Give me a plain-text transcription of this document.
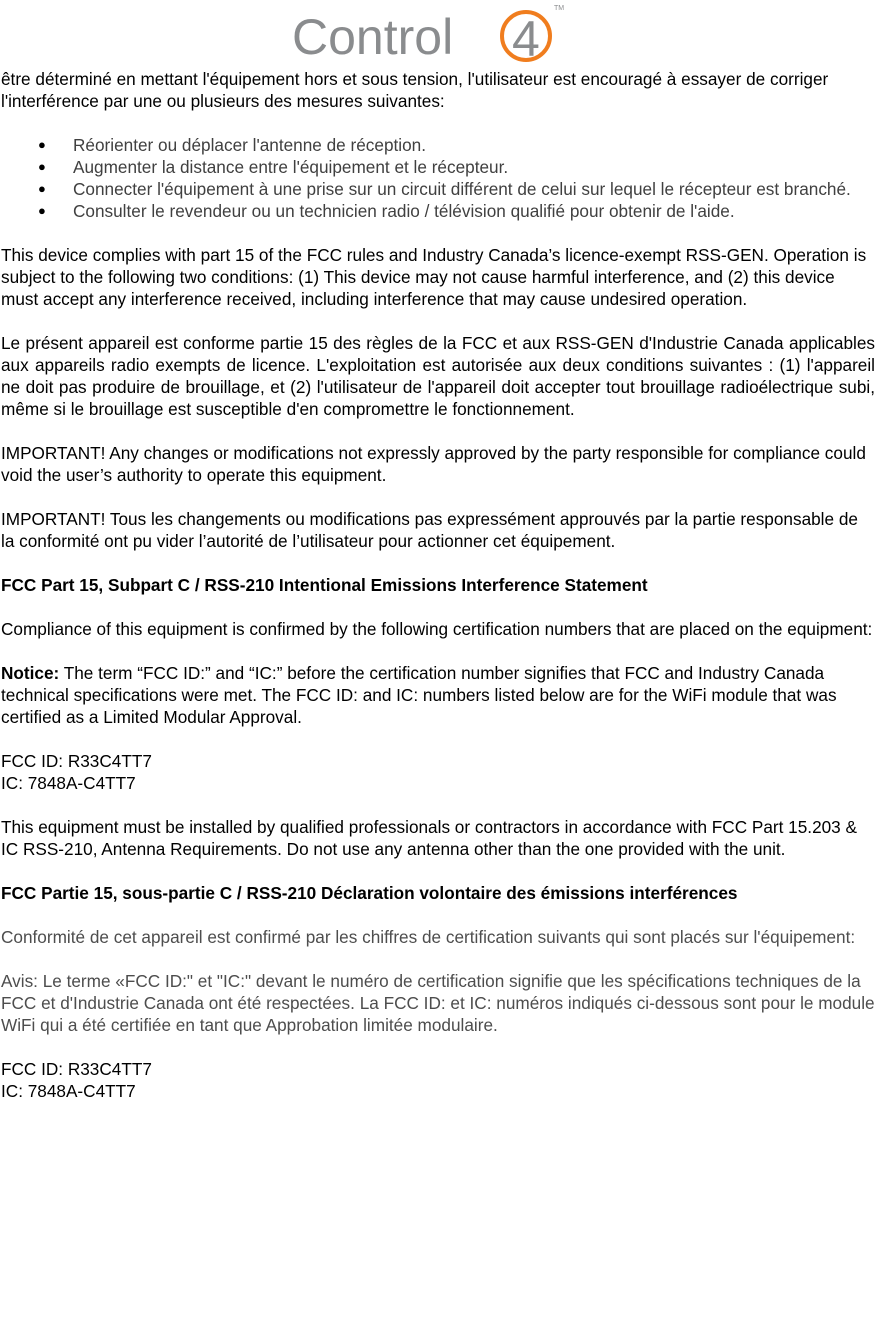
Control 4
TM

être déterminé en mettant l'équipement hors et sous tension, l'utilisateur est encouragé à essayer de corriger l'interférence par une ou plusieurs des mesures suivantes:

● Réorienter ou déplacer l'antenne de réception.
● Augmenter la distance entre l'équipement et le récepteur.
● Connecter l'équipement à une prise sur un circuit différent de celui sur lequel le récepteur est branché.
● Consulter le revendeur ou un technicien radio / télévision qualifié pour obtenir de l'aide.

This device complies with part 15 of the FCC rules and Industry Canada’s licence-exempt RSS-GEN. Operation is subject to the following two conditions: (1) This device may not cause harmful interference, and (2) this device must accept any interference received, including interference that may cause undesired operation.

Le présent appareil est conforme partie 15 des règles de la FCC et aux RSS-GEN d'Industrie Canada applicables aux appareils radio exempts de licence. L'exploitation est autorisée aux deux conditions suivantes : (1) l'appareil ne doit pas produire de brouillage, et (2) l'utilisateur de l'appareil doit accepter tout brouillage radioélectrique subi, même si le brouillage est susceptible d'en compromettre le fonctionnement.

IMPORTANT! Any changes or modifications not expressly approved by the party responsible for compliance could void the user’s authority to operate this equipment.

IMPORTANT! Tous les changements ou modifications pas expressément approuvés par la partie responsable de la conformité ont pu vider l’autorité de l’utilisateur pour actionner cet équipement.

FCC Part 15, Subpart C / RSS-210 Intentional Emissions Interference Statement

Compliance of this equipment is confirmed by the following certification numbers that are placed on the equipment:

Notice: The term “FCC ID:” and “IC:” before the certification number signifies that FCC and Industry Canada technical specifications were met. The FCC ID: and IC: numbers listed below are for the WiFi module that was certified as a Limited Modular Approval.

FCC ID: R33C4TT7

IC: 7848A-C4TT7

This equipment must be installed by qualified professionals or contractors in accordance with FCC Part 15.203 & IC RSS-210, Antenna Requirements. Do not use any antenna other than the one provided with the unit.

FCC Partie 15, sous-partie C / RSS-210 Déclaration volontaire des émissions interférences

Conformité de cet appareil est confirmé par les chiffres de certification suivants qui sont placés sur l'équipement:

Avis: Le terme «FCC ID:" et "IC:" devant le numéro de certification signifie que les spécifications techniques de la FCC et d'Industrie Canada ont été respectées. La FCC ID: et IC: numéros indiqués ci-dessous sont pour le module WiFi qui a été certifiée en tant que Approbation limitée modulaire.

FCC ID: R33C4TT7

IC: 7848A-C4TT7
